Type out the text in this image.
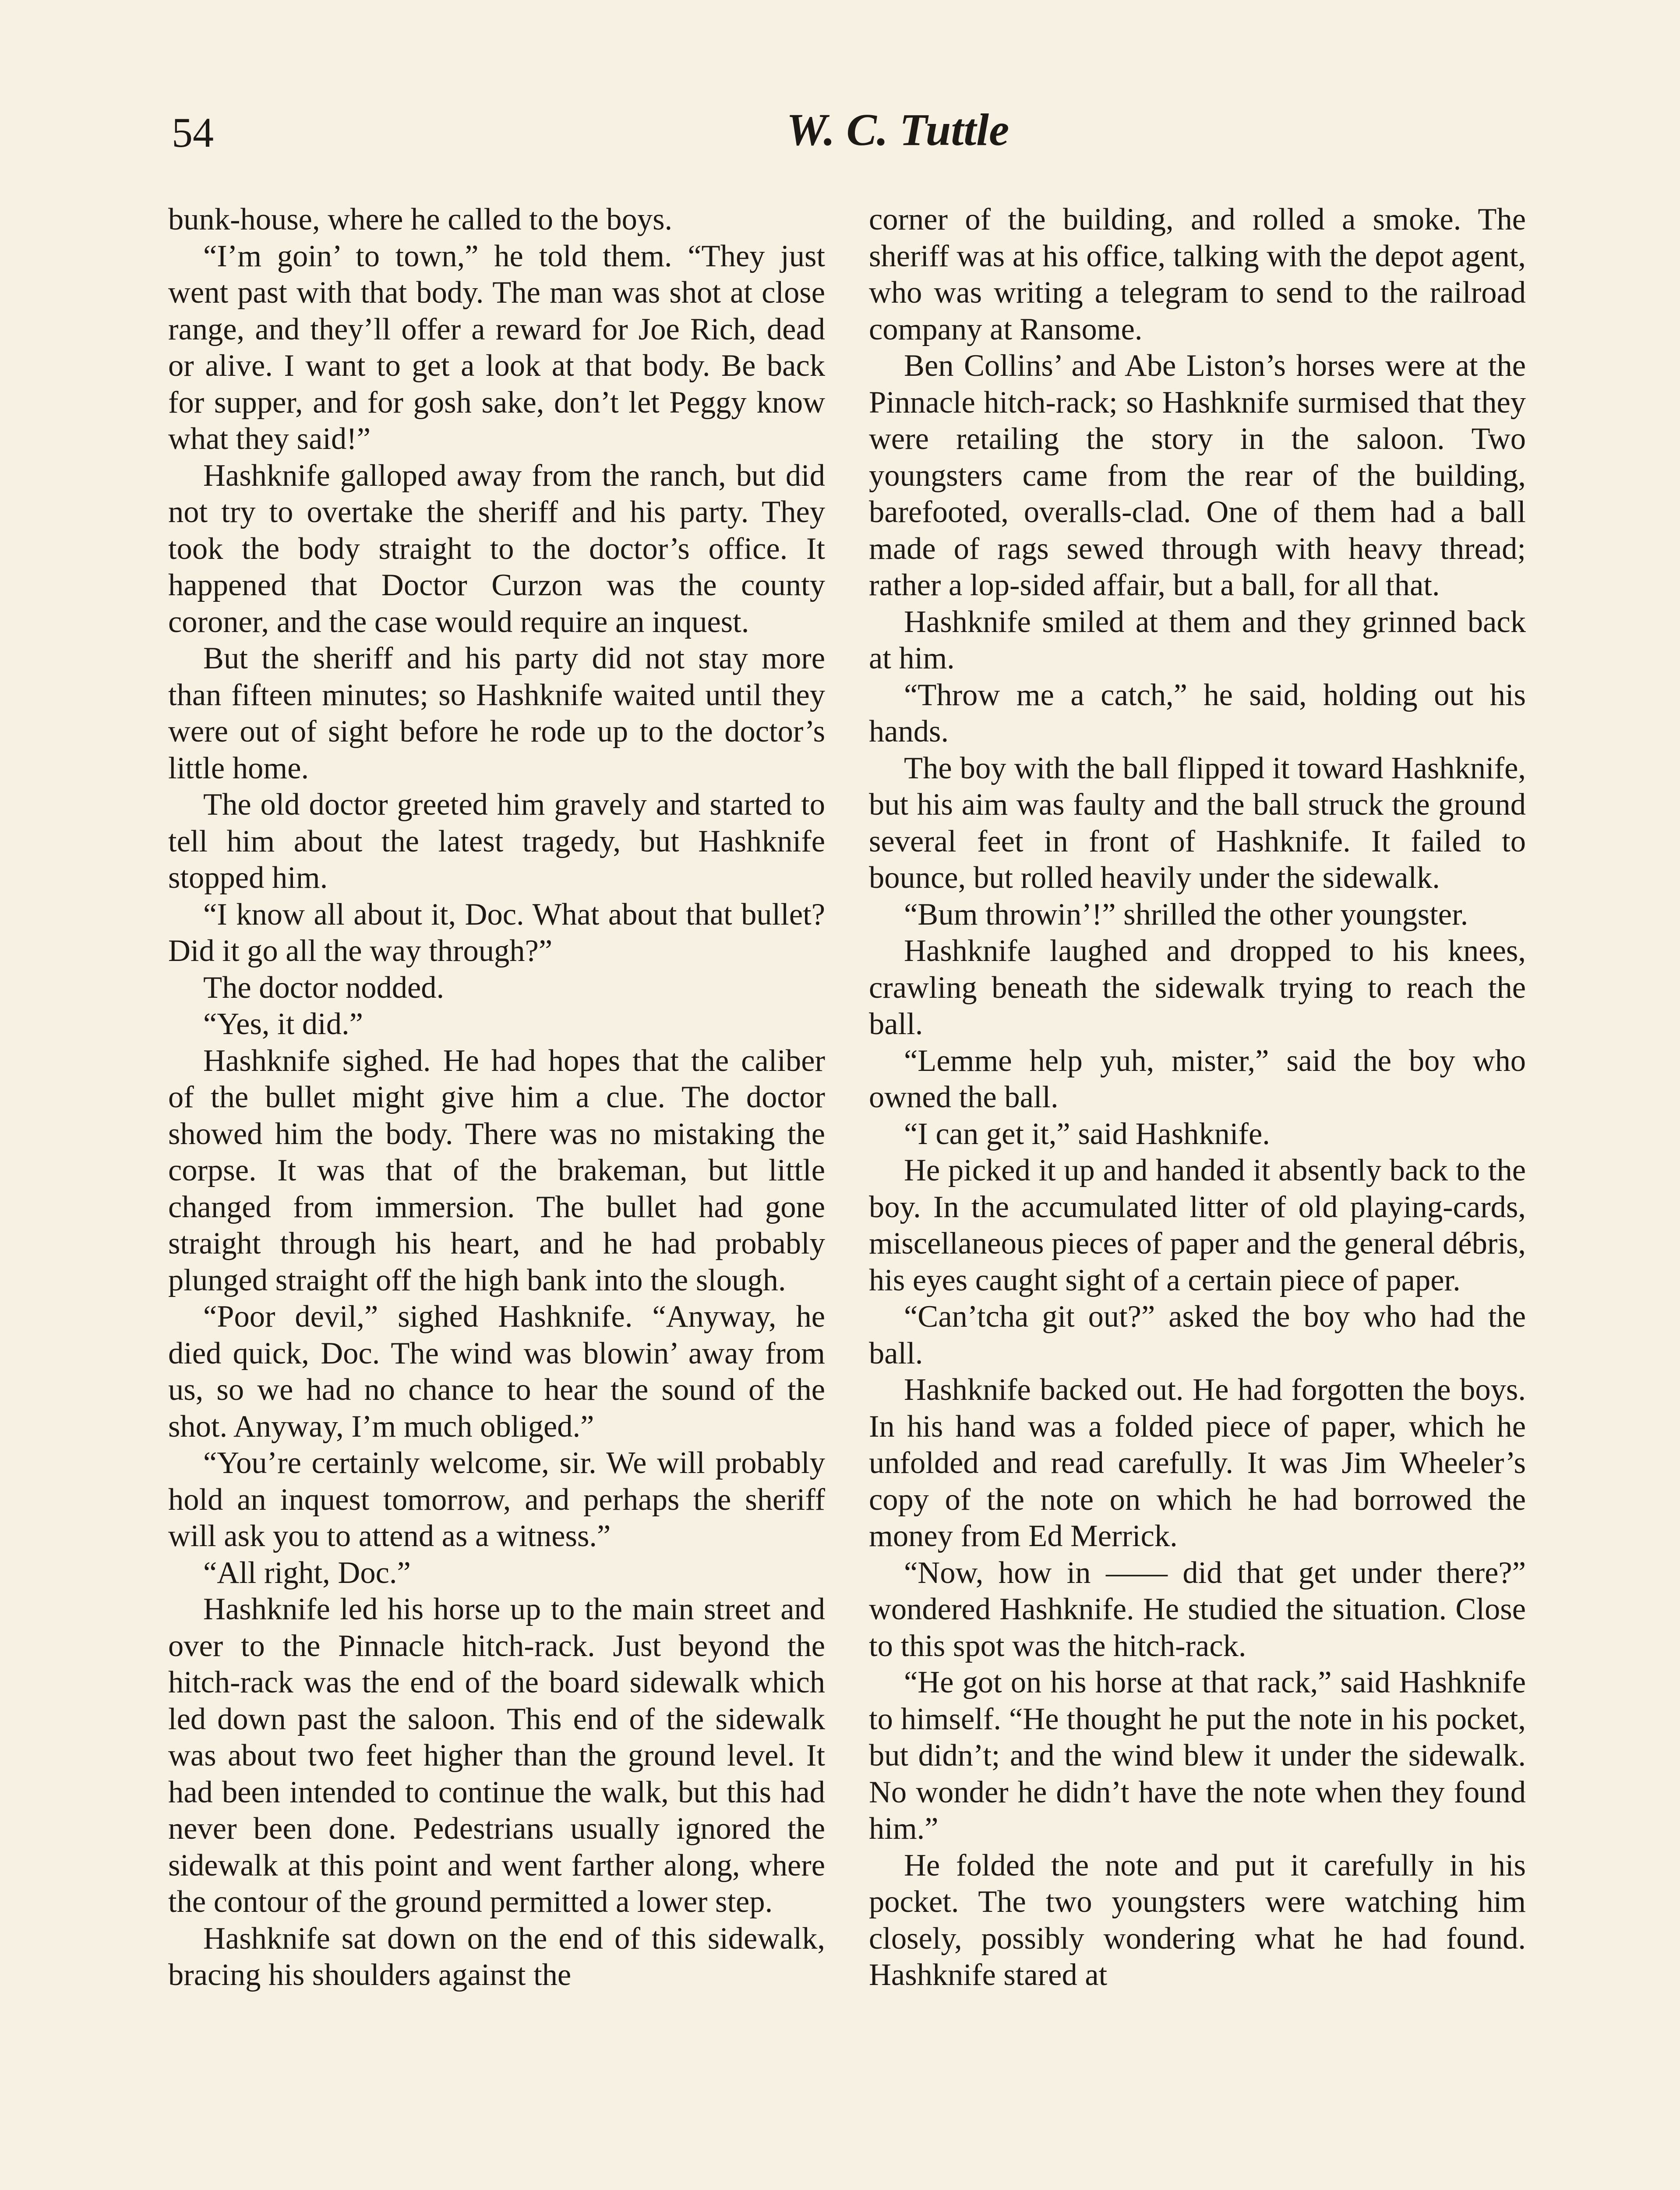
54	W. C. Tuttle

bunk-house, where he called to the boys.

“I’m goin’ to town,” he told them. “They just went past with that body. The man was shot at close range, and they’ll offer a reward for Joe Rich, dead or alive. I want to get a look at that body. Be back for supper, and for gosh sake, don’t let Peggy know what they said!”

Hashknife galloped away from the ranch, but did not try to overtake the sheriff and his party. They took the body straight to the doctor’s office. It happened that Doctor Curzon was the county coroner, and the case would require an inquest.

But the sheriff and his party did not stay more than fifteen minutes; so Hashknife waited until they were out of sight before he rode up to the doctor’s little home.

The old doctor greeted him gravely and started to tell him about the latest tragedy, but Hashknife stopped him.

“I know all about it, Doc. What about that bullet? Did it go all the way through?”

The doctor nodded.

“Yes, it did.”

Hashknife sighed. He had hopes that the caliber of the bullet might give him a clue. The doctor showed him the body. There was no mistaking the corpse. It was that of the brakeman, but little changed from immersion. The bullet had gone straight through his heart, and he had probably plunged straight off the high bank into the slough.

“Poor devil,” sighed Hashknife. “Anyway, he died quick, Doc. The wind was blowin’ away from us, so we had no chance to hear the sound of the shot. Anyway, I’m much obliged.”

“You’re certainly welcome, sir. We will probably hold an inquest tomorrow, and perhaps the sheriff will ask you to attend as a witness.”

“All right, Doc.”

Hashknife led his horse up to the main street and over to the Pinnacle hitch-rack. Just beyond the hitch-rack was the end of the board sidewalk which led down past the saloon. This end of the sidewalk was about two feet higher than the ground level. It had been intended to continue the walk, but this had never been done. Pedestrians usually ignored the sidewalk at this point and went farther along, where the contour of the ground permitted a lower step.

Hashknife sat down on the end of this sidewalk, bracing his shoulders against the

corner of the building, and rolled a smoke. The sheriff was at his office, talking with the depot agent, who was writing a telegram to send to the railroad company at Ransome.

Ben Collins’ and Abe Liston’s horses were at the Pinnacle hitch-rack; so Hashknife surmised that they were retailing the story in the saloon. Two youngsters came from the rear of the building, barefooted, overalls-clad. One of them had a ball made of rags sewed through with heavy thread; rather a lop-sided affair, but a ball, for all that.

Hashknife smiled at them and they grinned back at him.

“Throw me a catch,” he said, holding out his hands.

The boy with the ball flipped it toward Hashknife, but his aim was faulty and the ball struck the ground several feet in front of Hashknife. It failed to bounce, but rolled heavily under the sidewalk.

“Bum throwin’!” shrilled the other youngster.

Hashknife laughed and dropped to his knees, crawling beneath the sidewalk trying to reach the ball.

“Lemme help yuh, mister,” said the boy who owned the ball.

“I can get it,” said Hashknife.

He picked it up and handed it absently back to the boy. In the accumulated litter of old playing-cards, miscellaneous pieces of paper and the general débris, his eyes caught sight of a certain piece of paper.

“Can’tcha git out?” asked the boy who had the ball.

Hashknife backed out. He had forgotten the boys. In his hand was a folded piece of paper, which he unfolded and read carefully. It was Jim Wheeler’s copy of the note on which he had borrowed the money from Ed Merrick.

“Now, how in —— did that get under there?” wondered Hashknife. He studied the situation. Close to this spot was the hitch-rack.

“He got on his horse at that rack,” said Hashknife to himself. “He thought he put the note in his pocket, but didn’t; and the wind blew it under the sidewalk. No wonder he didn’t have the note when they found him.”

He folded the note and put it carefully in his pocket. The two youngsters were watching him closely, possibly wondering what he had found. Hashknife stared at
